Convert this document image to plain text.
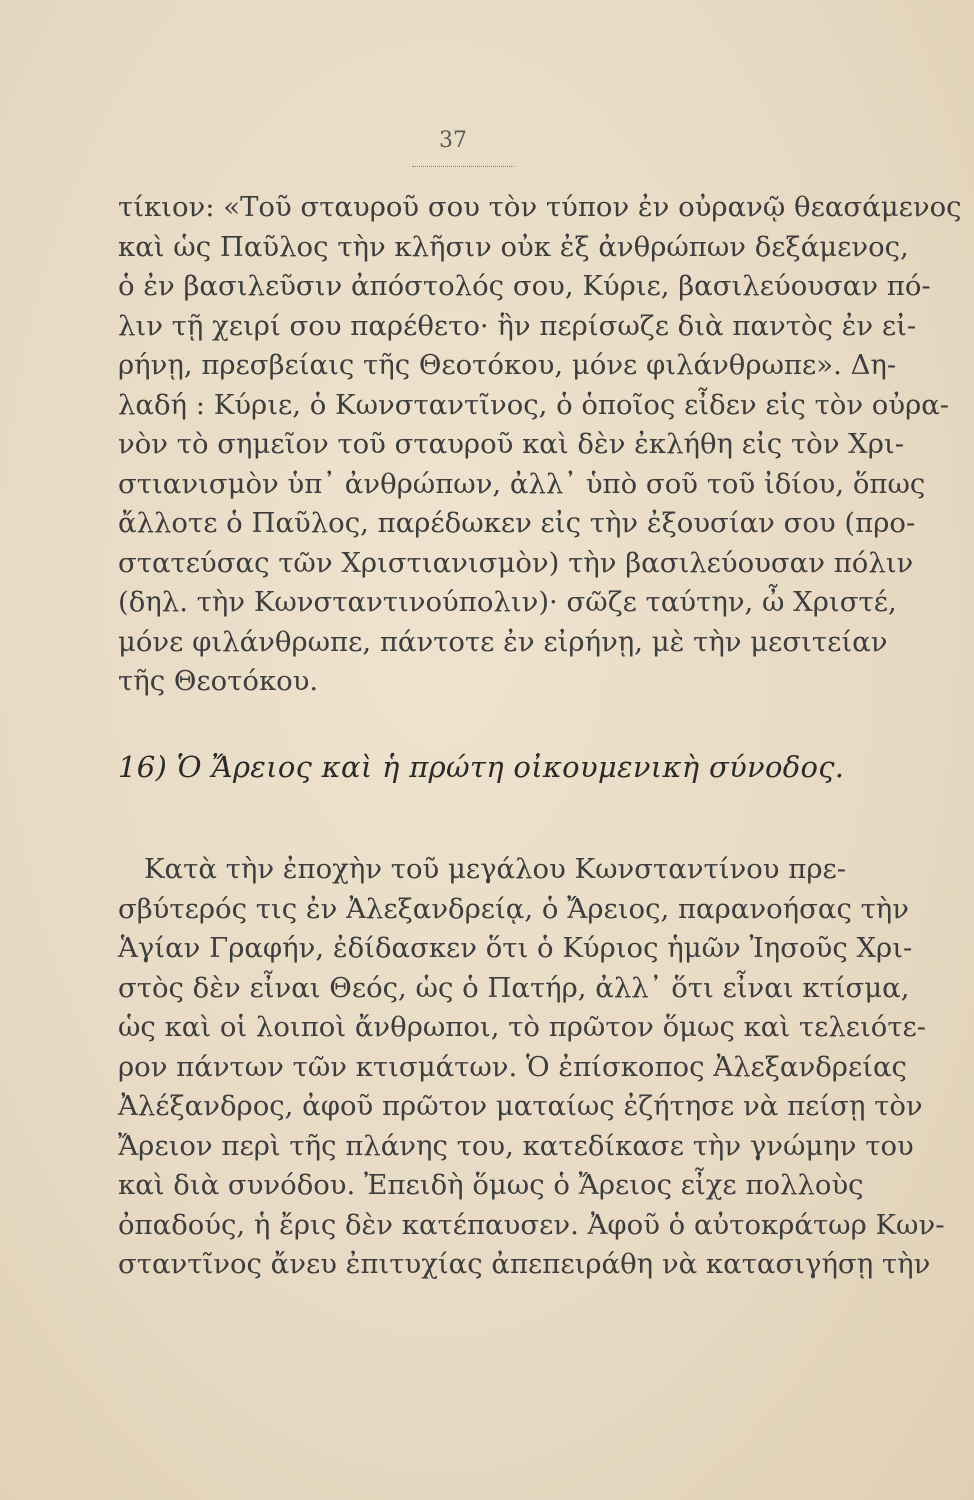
37
τίκιον: «Τοῦ σταυροῦ σου τὸν τύπον ἐν οὐρανῷ θεασάμενος
καὶ ὡς Παῦλος τὴν κλῆσιν οὐκ ἐξ ἀνθρώπων δεξάμενος,
ὁ ἐν βασιλεῦσιν ἀπόστολός σου, Κύριε, βασιλεύουσαν πό-
λιν τῇ χειρί σου παρέθετο· ἣν περίσωζε διὰ παντὸς ἐν εἰ-
ρήνῃ, πρεσβείαις τῆς Θεοτόκου, μόνε φιλάνθρωπε». Δη-
λαδή : Κύριε, ὁ Κωνσταντῖνος, ὁ ὁποῖος εἶδεν εἰς τὸν οὐρα-
νὸν τὸ σημεῖον τοῦ σταυροῦ καὶ δὲν ἐκλήθη εἰς τὸν Χρι-
στιανισμὸν ὑπ᾽ ἀνθρώπων, ἀλλ᾽ ὑπὸ σοῦ τοῦ ἰδίου, ὅπως
ἄλλοτε ὁ Παῦλος, παρέδωκεν εἰς τὴν ἐξουσίαν σου (προ-
στατεύσας τῶν Χριστιανισμὸν) τὴν βασιλεύουσαν πόλιν
(δηλ. τὴν Κωνσταντινούπολιν)· σῶζε ταύτην, ὦ Χριστέ,
μόνε φιλάνθρωπε, πάντοτε ἐν εἰρήνῃ, μὲ τὴν μεσιτείαν
τῆς Θεοτόκου.
16) Ὁ Ἄρειος καὶ ἡ πρώτη οἰκουμενικὴ σύνοδος.
Κατὰ τὴν ἐποχὴν τοῦ μεγάλου Κωνσταντίνου πρε-
σβύτερός τις ἐν Ἀλεξανδρείᾳ, ὁ Ἄρειος, παρανοήσας τὴν
Ἁγίαν Γραφήν, ἐδίδασκεν ὅτι ὁ Κύριος ἡμῶν Ἰησοῦς Χρι-
στὸς δὲν εἶναι Θεός, ὡς ὁ Πατήρ, ἀλλ᾽ ὅτι εἶναι κτίσμα,
ὡς καὶ οἱ λοιποὶ ἄνθρωποι, τὸ πρῶτον ὅμως καὶ τελειότε-
ρον πάντων τῶν κτισμάτων. Ὁ ἐπίσκοπος Ἀλεξανδρείας
Ἀλέξανδρος, ἀφοῦ πρῶτον ματαίως ἐζήτησε νὰ πείσῃ τὸν
Ἄρειον περὶ τῆς πλάνης του, κατεδίκασε τὴν γνώμην του
καὶ διὰ συνόδου. Ἐπειδὴ ὅμως ὁ Ἄρειος εἶχε πολλοὺς
ὀπαδούς, ἡ ἔρις δὲν κατέπαυσεν. Ἀφοῦ ὁ αὐτοκράτωρ Κων-
σταντῖνος ἄνευ ἐπιτυχίας ἀπεπειράθη νὰ κατασιγήσῃ τὴν
